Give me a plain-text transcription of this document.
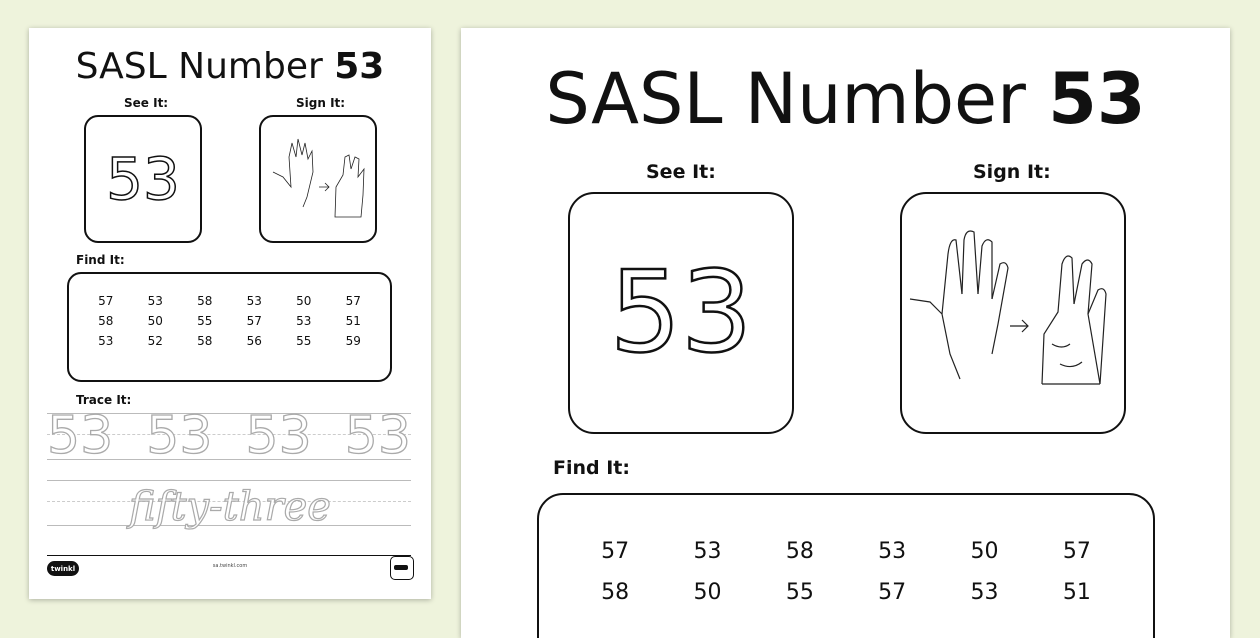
SASL Number 53
See It:	Sign It:
53
Find It:
57	53	58	53	50	57
58	50	55	57	53	51
53	52	58	56	55	59
Trace It:
53 53 53 53
fifty-three
twinkl	sa.twinkl.com
SASL Number 53
See It:	Sign It:
53
Find It:
57	53	58	53	50	57
58	50	55	57	53	51
